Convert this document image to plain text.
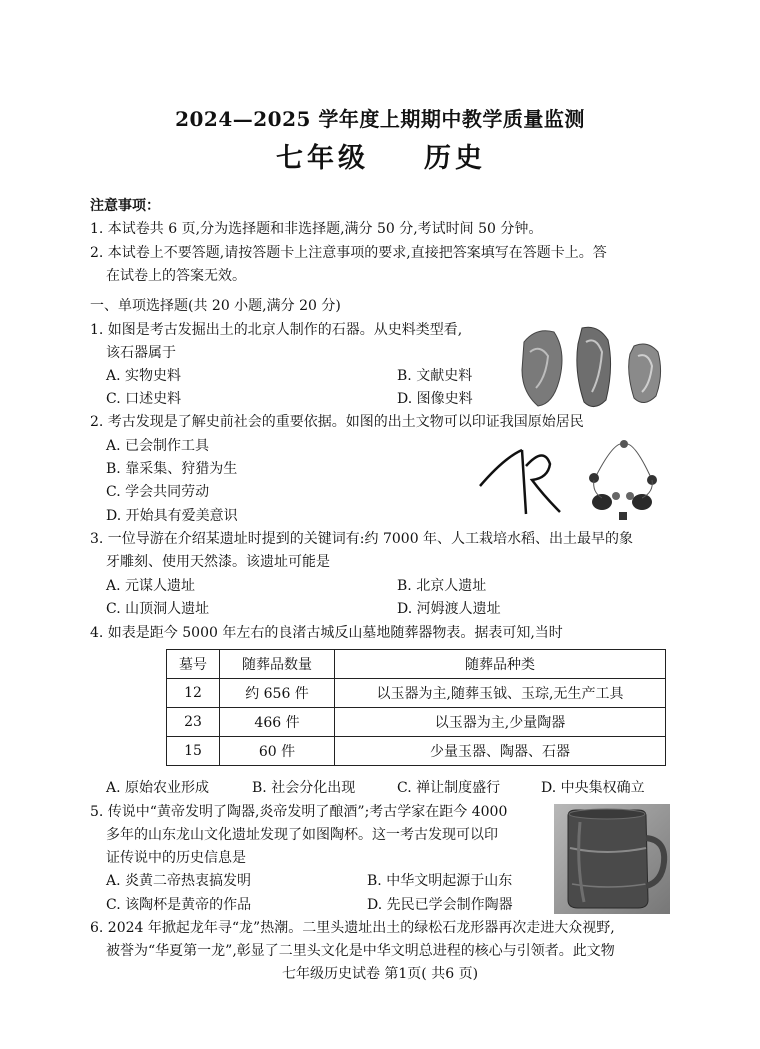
2024—2025 学年度上期期中教学质量监测
七年级 历史
注意事项：
1. 本试卷共 6 页,分为选择题和非选择题,满分 50 分,考试时间 50 分钟。
2. 本试卷上不要答题,请按答题卡上注意事项的要求,直接把答案填写在答题卡上。答
在试卷上的答案无效。
一、单项选择题(共 20 小题,满分 20 分)
1. 如图是考古发掘出土的北京人制作的石器。从史料类型看,
该石器属于
A. 实物史料	B. 文献史料
C. 口述史料	D. 图像史料
2. 考古发现是了解史前社会的重要依据。如图的出土文物可以印证我国原始居民
A. 已会制作工具
B. 靠采集、狩猎为生
C. 学会共同劳动
D. 开始具有爱美意识
3. 一位导游在介绍某遗址时提到的关键词有:约 7000 年、人工栽培水稻、出土最早的象
牙雕刻、使用天然漆。该遗址可能是
A. 元谋人遗址	B. 北京人遗址
C. 山顶洞人遗址	D. 河姆渡人遗址
4. 如表是距今 5000 年左右的良渚古城反山墓地随葬器物表。据表可知,当时
墓号	随葬品数量	随葬品种类
12	约 656 件	以玉器为主,随葬玉钺、玉琮,无生产工具
23	466 件	以玉器为主,少量陶器
15	60 件	少量玉器、陶器、石器
A. 原始农业形成	B. 社会分化出现	C. 禅让制度盛行	D. 中央集权确立
5. 传说中“黄帝发明了陶器,炎帝发明了酿酒”;考古学家在距今 4000
多年的山东龙山文化遗址发现了如图陶杯。这一考古发现可以印
证传说中的历史信息是
A. 炎黄二帝热衷搞发明	B. 中华文明起源于山东
C. 该陶杯是黄帝的作品	D. 先民已学会制作陶器
6. 2024 年掀起龙年寻“龙”热潮。二里头遗址出土的绿松石龙形器再次走进大众视野,
被誉为“华夏第一龙”,彰显了二里头文化是中华文明总进程的核心与引领者。此文物
七年级历史试卷 第1页( 共6 页)
